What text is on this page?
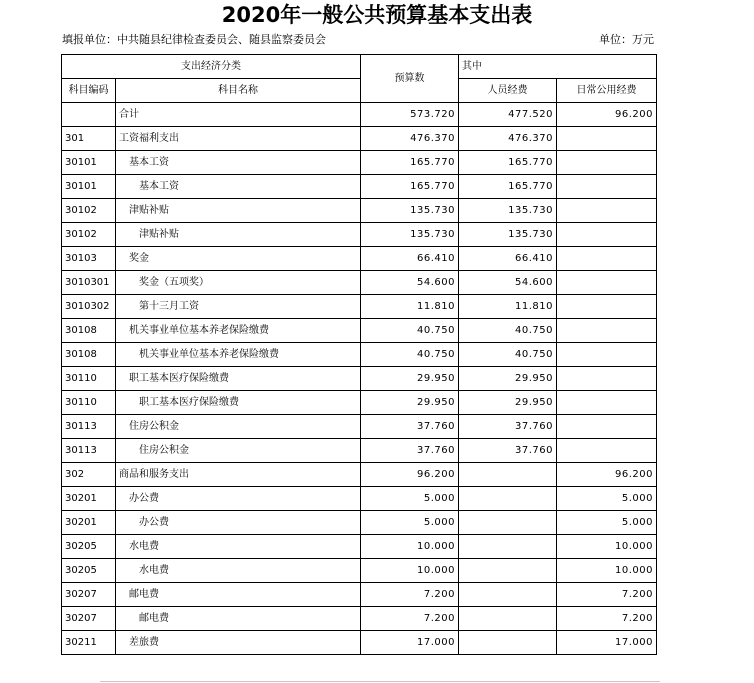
2020年一般公共预算基本支出表
填报单位：中共随县纪律检查委员会、随县监察委员会	单位：万元
支出经济分类		预算数	其中	
科目编码	科目名称		人员经费	日常公用经费
	合计	573.720	477.520	96.200
301	工资福利支出	476.370	476.370	
30101	基本工资	165.770	165.770	
30101	基本工资	165.770	165.770	
30102	津贴补贴	135.730	135.730	
30102	津贴补贴	135.730	135.730	
30103	奖金	66.410	66.410	
3010301	奖金（五项奖）	54.600	54.600	
3010302	第十三月工资	11.810	11.810	
30108	机关事业单位基本养老保险缴费	40.750	40.750	
30108	机关事业单位基本养老保险缴费	40.750	40.750	
30110	职工基本医疗保险缴费	29.950	29.950	
30110	职工基本医疗保险缴费	29.950	29.950	
30113	住房公积金	37.760	37.760	
30113	住房公积金	37.760	37.760	
302	商品和服务支出	96.200		96.200
30201	办公费	5.000		5.000
30201	办公费	5.000		5.000
30205	水电费	10.000		10.000
30205	水电费	10.000		10.000
30207	邮电费	7.200		7.200
30207	邮电费	7.200		7.200
30211	差旅费	17.000		17.000
